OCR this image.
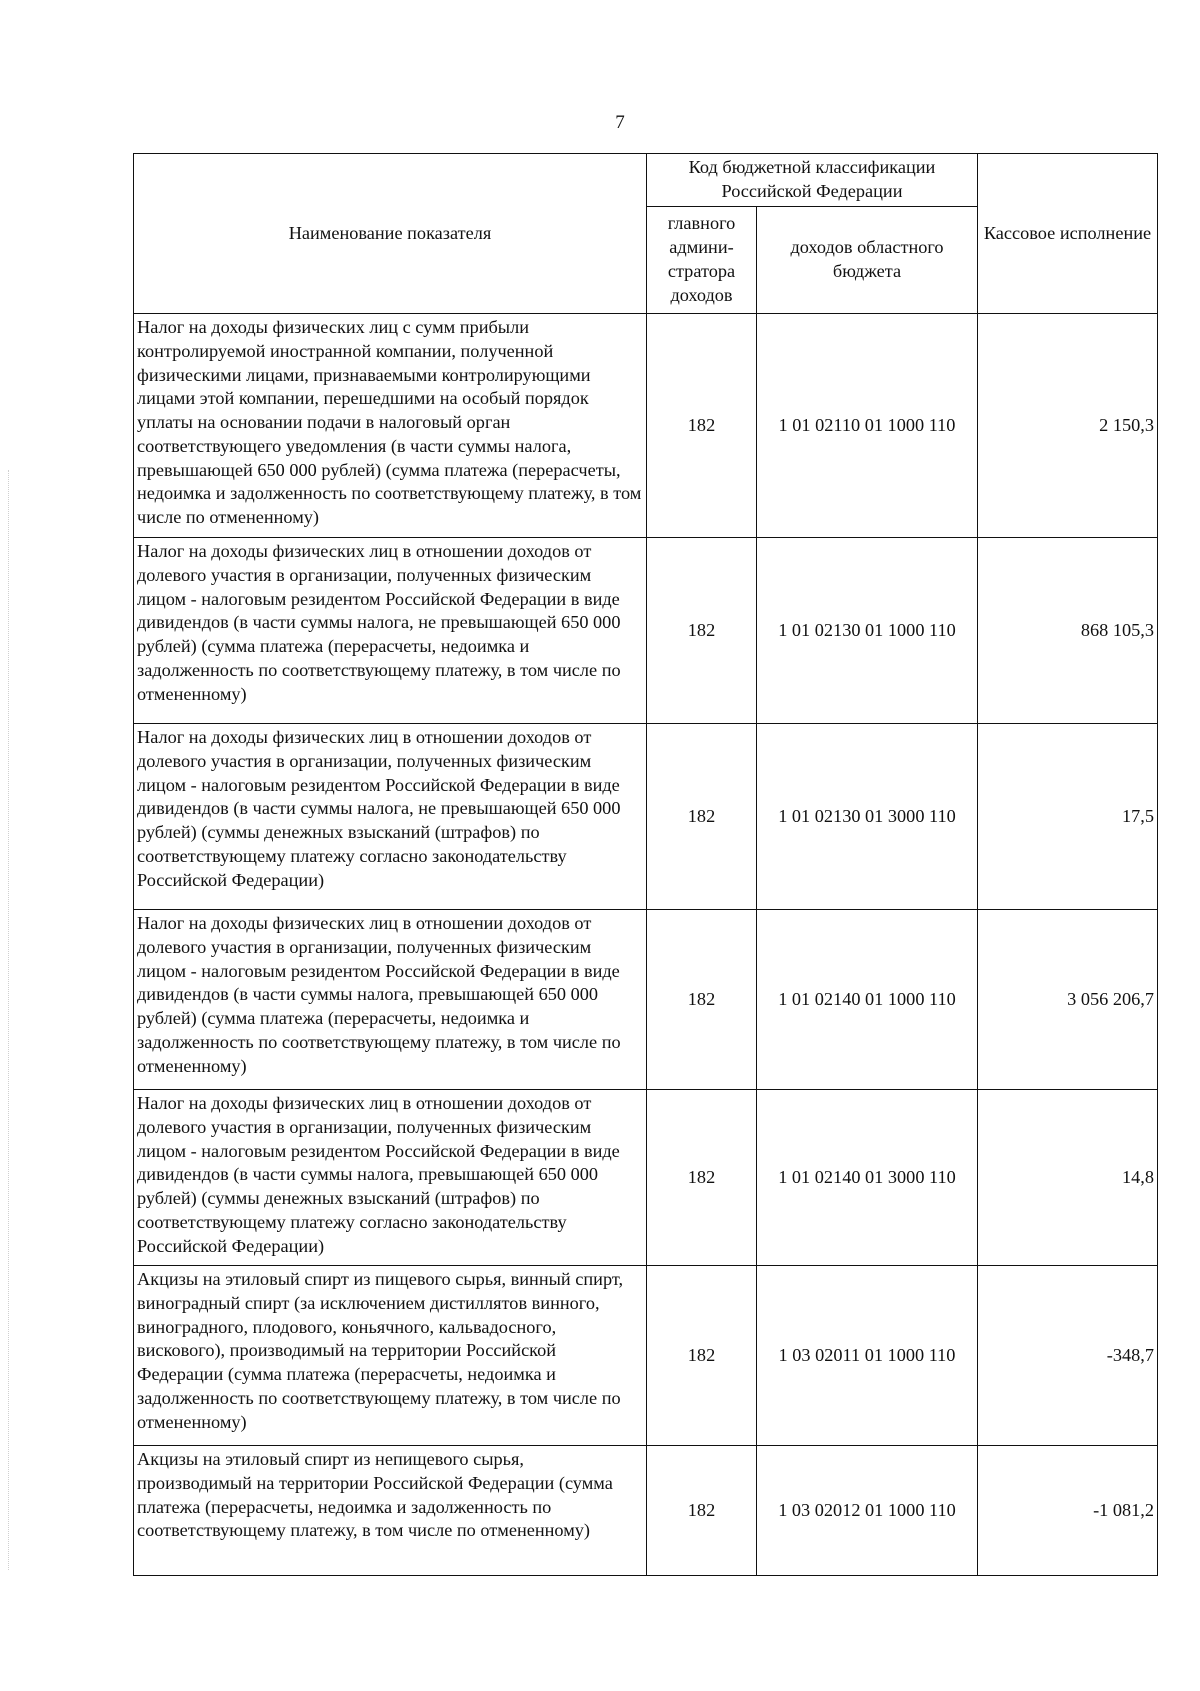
7
Наименование показателя	Код бюджетной классификации Российской Федерации		Кассовое исполнение
	главного админи-стратора доходов	доходов областного бюджета	
Налог на доходы физических лиц с сумм прибыли контролируемой иностранной компании, полученной физическими лицами, признаваемыми контролирующими лицами этой компании, перешедшими на особый порядок уплаты на основании подачи в налоговый орган соответствующего уведомления (в части суммы налога, превышающей 650 000 рублей) (сумма платежа (перерасчеты, недоимка и задолженность по соответствующему платежу, в том числе по отмененному)	182	1 01 02110 01 1000 110	2 150,3
Налог на доходы физических лиц в отношении доходов от долевого участия в организации, полученных физическим лицом - налоговым резидентом Российской Федерации в виде дивидендов (в части суммы налога, не превышающей 650 000 рублей) (сумма платежа (перерасчеты, недоимка и задолженность по соответствующему платежу, в том числе по отмененному)	182	1 01 02130 01 1000 110	868 105,3
Налог на доходы физических лиц в отношении доходов от долевого участия в организации, полученных физическим лицом - налоговым резидентом Российской Федерации в виде дивидендов (в части суммы налога, не превышающей 650 000 рублей) (суммы денежных взысканий (штрафов) по соответствующему платежу согласно законодательству Российской Федерации)	182	1 01 02130 01 3000 110	17,5
Налог на доходы физических лиц в отношении доходов от долевого участия в организации, полученных физическим лицом - налоговым резидентом Российской Федерации в виде дивидендов (в части суммы налога, превышающей 650 000 рублей) (сумма платежа (перерасчеты, недоимка и задолженность по соответствующему платежу, в том числе по отмененному)	182	1 01 02140 01 1000 110	3 056 206,7
Налог на доходы физических лиц в отношении доходов от долевого участия в организации, полученных физическим лицом - налоговым резидентом Российской Федерации в виде дивидендов (в части суммы налога, превышающей 650 000 рублей) (суммы денежных взысканий (штрафов) по соответствующему платежу согласно законодательству Российской Федерации)	182	1 01 02140 01 3000 110	14,8
Акцизы на этиловый спирт из пищевого сырья, винный спирт, виноградный спирт (за исключением дистиллятов винного, виноградного, плодового, коньячного, кальвадосного, вискового), производимый на территории Российской Федерации (сумма платежа (перерасчеты, недоимка и задолженность по соответствующему платежу, в том числе по отмененному)	182	1 03 02011 01 1000 110	-348,7
Акцизы на этиловый спирт из непищевого сырья, производимый на территории Российской Федерации (сумма платежа (перерасчеты, недоимка и задолженность по соответствующему платежу, в том числе по отмененному)	182	1 03 02012 01 1000 110	-1 081,2
